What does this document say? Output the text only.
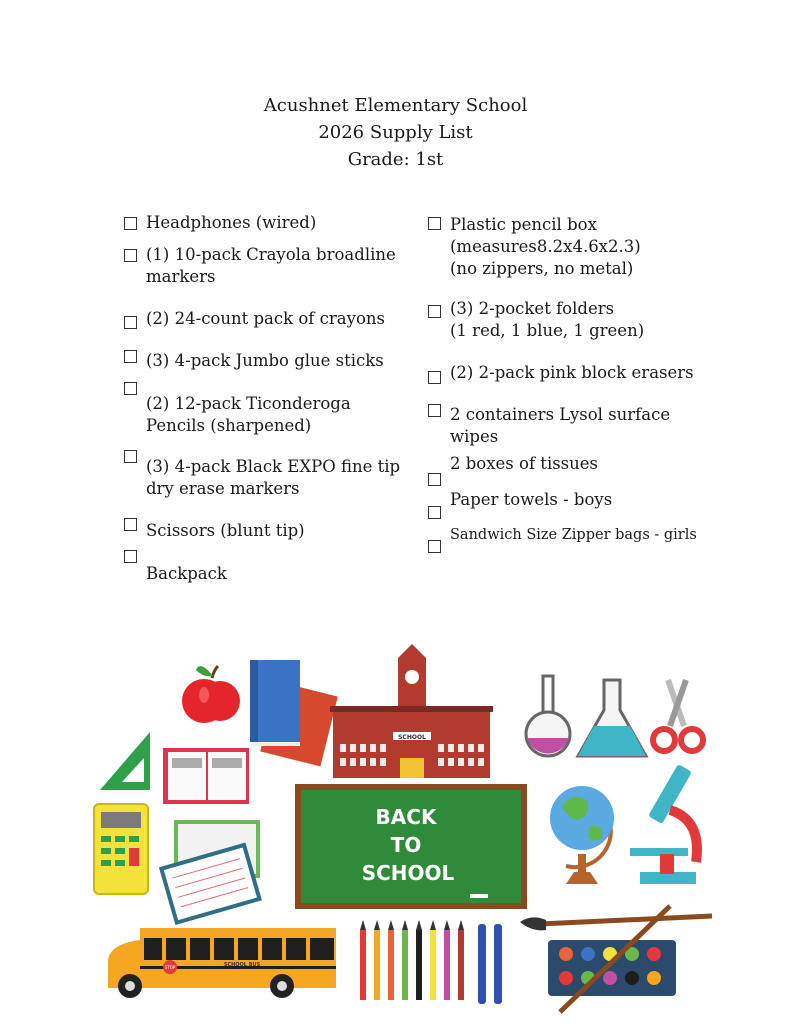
Acushnet Elementary School
2026 Supply List
Grade: 1st
Headphones (wired)
(1) 10-pack Crayola broadline
markers
(2) 24-count pack of crayons
(3) 4-pack Jumbo glue sticks
(2) 12-pack Ticonderoga
Pencils (sharpened)
(3) 4-pack Black EXPO fine tip
dry erase markers
Scissors (blunt tip)
Backpack
Plastic pencil box
(measures8.2x4.6x2.3)
(no zippers, no metal)
(3) 2-pocket folders
(1 red, 1 blue, 1 green)
(2) 2-pack pink block erasers
2 containers Lysol surface
wipes
2 boxes of tissues
Paper towels - boys
Sandwich Size Zipper bags - girls
SCHOOL
BACK
TO
SCHOOL
STOP	SCHOOL BUS
